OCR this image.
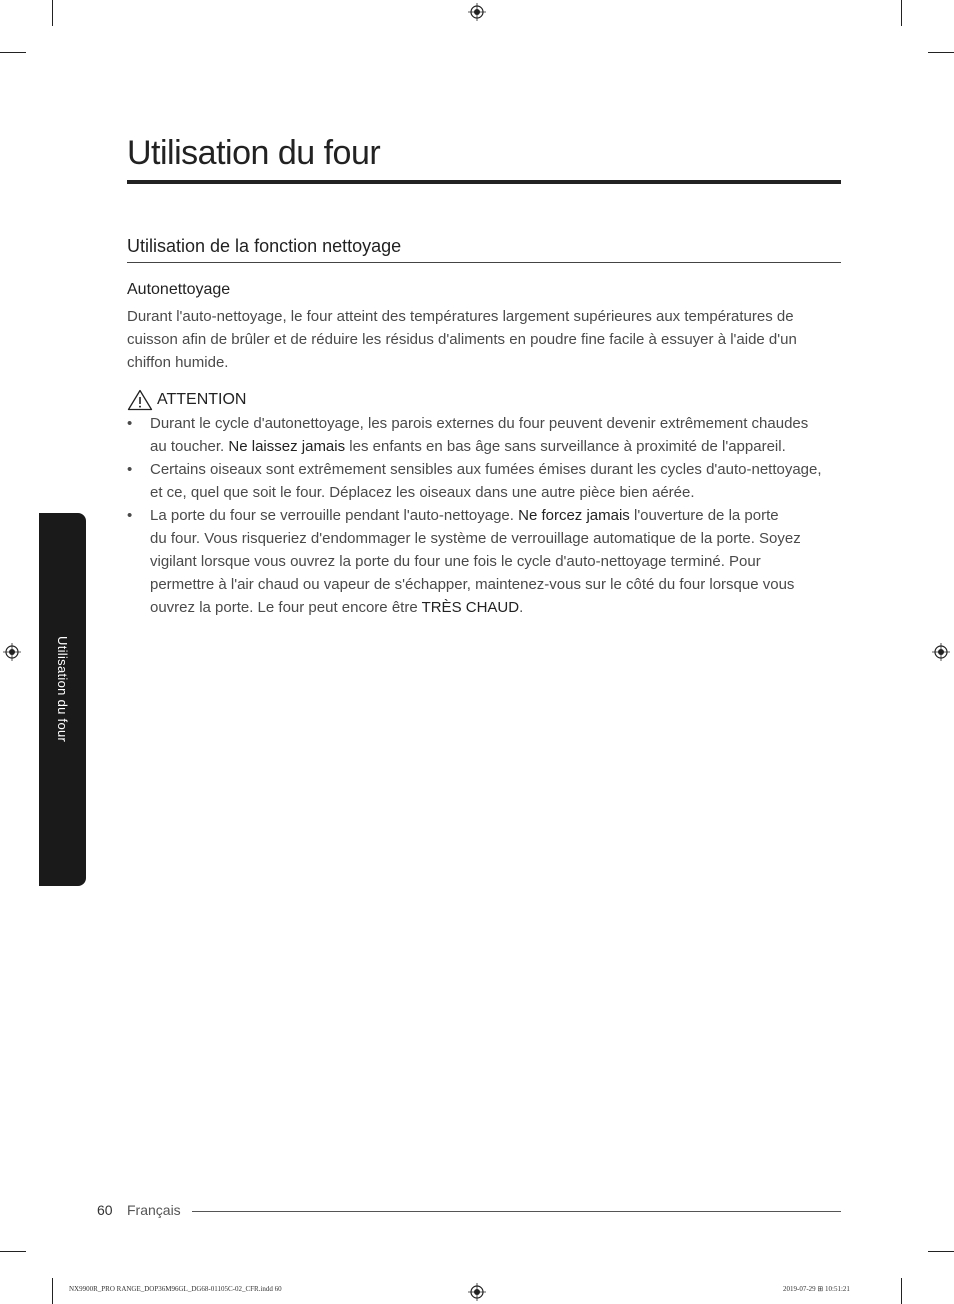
Utilisation du four
Utilisation de la fonction nettoyage
Autonettoyage

Durant l'auto-nettoyage, le four atteint des températures largement supérieures aux températures de
cuisson afin de brûler et de réduire les résidus d'aliments en poudre fine facile à essuyer à l'aide d'un
chiffon humide.

ATTENTION
• Durant le cycle d'autonettoyage, les parois externes du four peuvent devenir extrêmement chaudes
au toucher. Ne laissez jamais les enfants en bas âge sans surveillance à proximité de l'appareil.
• Certains oiseaux sont extrêmement sensibles aux fumées émises durant les cycles d'auto-nettoyage,
et ce, quel que soit le four. Déplacez les oiseaux dans une autre pièce bien aérée.
• La porte du four se verrouille pendant l'auto-nettoyage. Ne forcez jamais l'ouverture de la porte
du four. Vous risqueriez d'endommager le système de verrouillage automatique de la porte. Soyez
vigilant lorsque vous ouvrez la porte du four une fois le cycle d'auto-nettoyage terminé. Pour
permettre à l'air chaud ou vapeur de s'échapper, maintenez-vous sur le côté du four lorsque vous
ouvrez la porte. Le four peut encore être TRÈS CHAUD.
Utilisation du four
60 Français
NX9900R_PRO RANGE_DOP36M96GL_DG68-01105C-02_CFR.indd 60	2019-07-29 ⊞ 10:51:21
